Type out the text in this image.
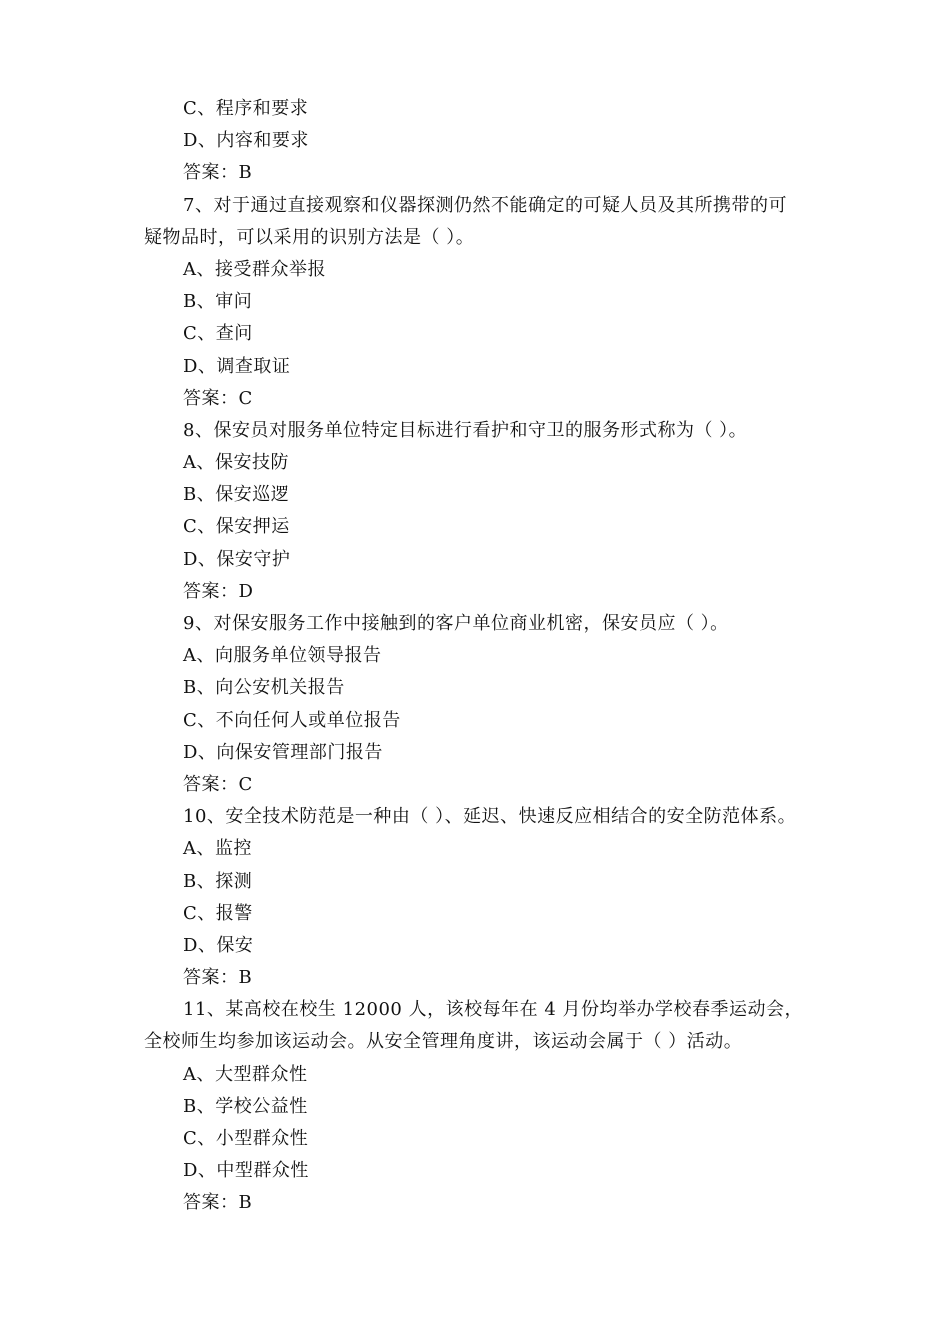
C、程序和要求
D、内容和要求
答案：B
7、对于通过直接观察和仪器探测仍然不能确定的可疑人员及其所携带的可
疑物品时，可以采用的识别方法是（ ）。
A、接受群众举报
B、审问
C、查问
D、调查取证
答案：C
8、保安员对服务单位特定目标进行看护和守卫的服务形式称为（ ）。
A、保安技防
B、保安巡逻
C、保安押运
D、保安守护
答案：D
9、对保安服务工作中接触到的客户单位商业机密，保安员应（ ）。
A、向服务单位领导报告
B、向公安机关报告
C、不向任何人或单位报告
D、向保安管理部门报告
答案：C
10、安全技术防范是一种由（ ）、延迟、快速反应相结合的安全防范体系。
A、监控
B、探测
C、报警
D、保安
答案：B
11、某高校在校生 12000 人，该校每年在 4 月份均举办学校春季运动会，
全校师生均参加该运动会。从安全管理角度讲，该运动会属于（ ）活动。
A、大型群众性
B、学校公益性
C、小型群众性
D、中型群众性
答案：B
